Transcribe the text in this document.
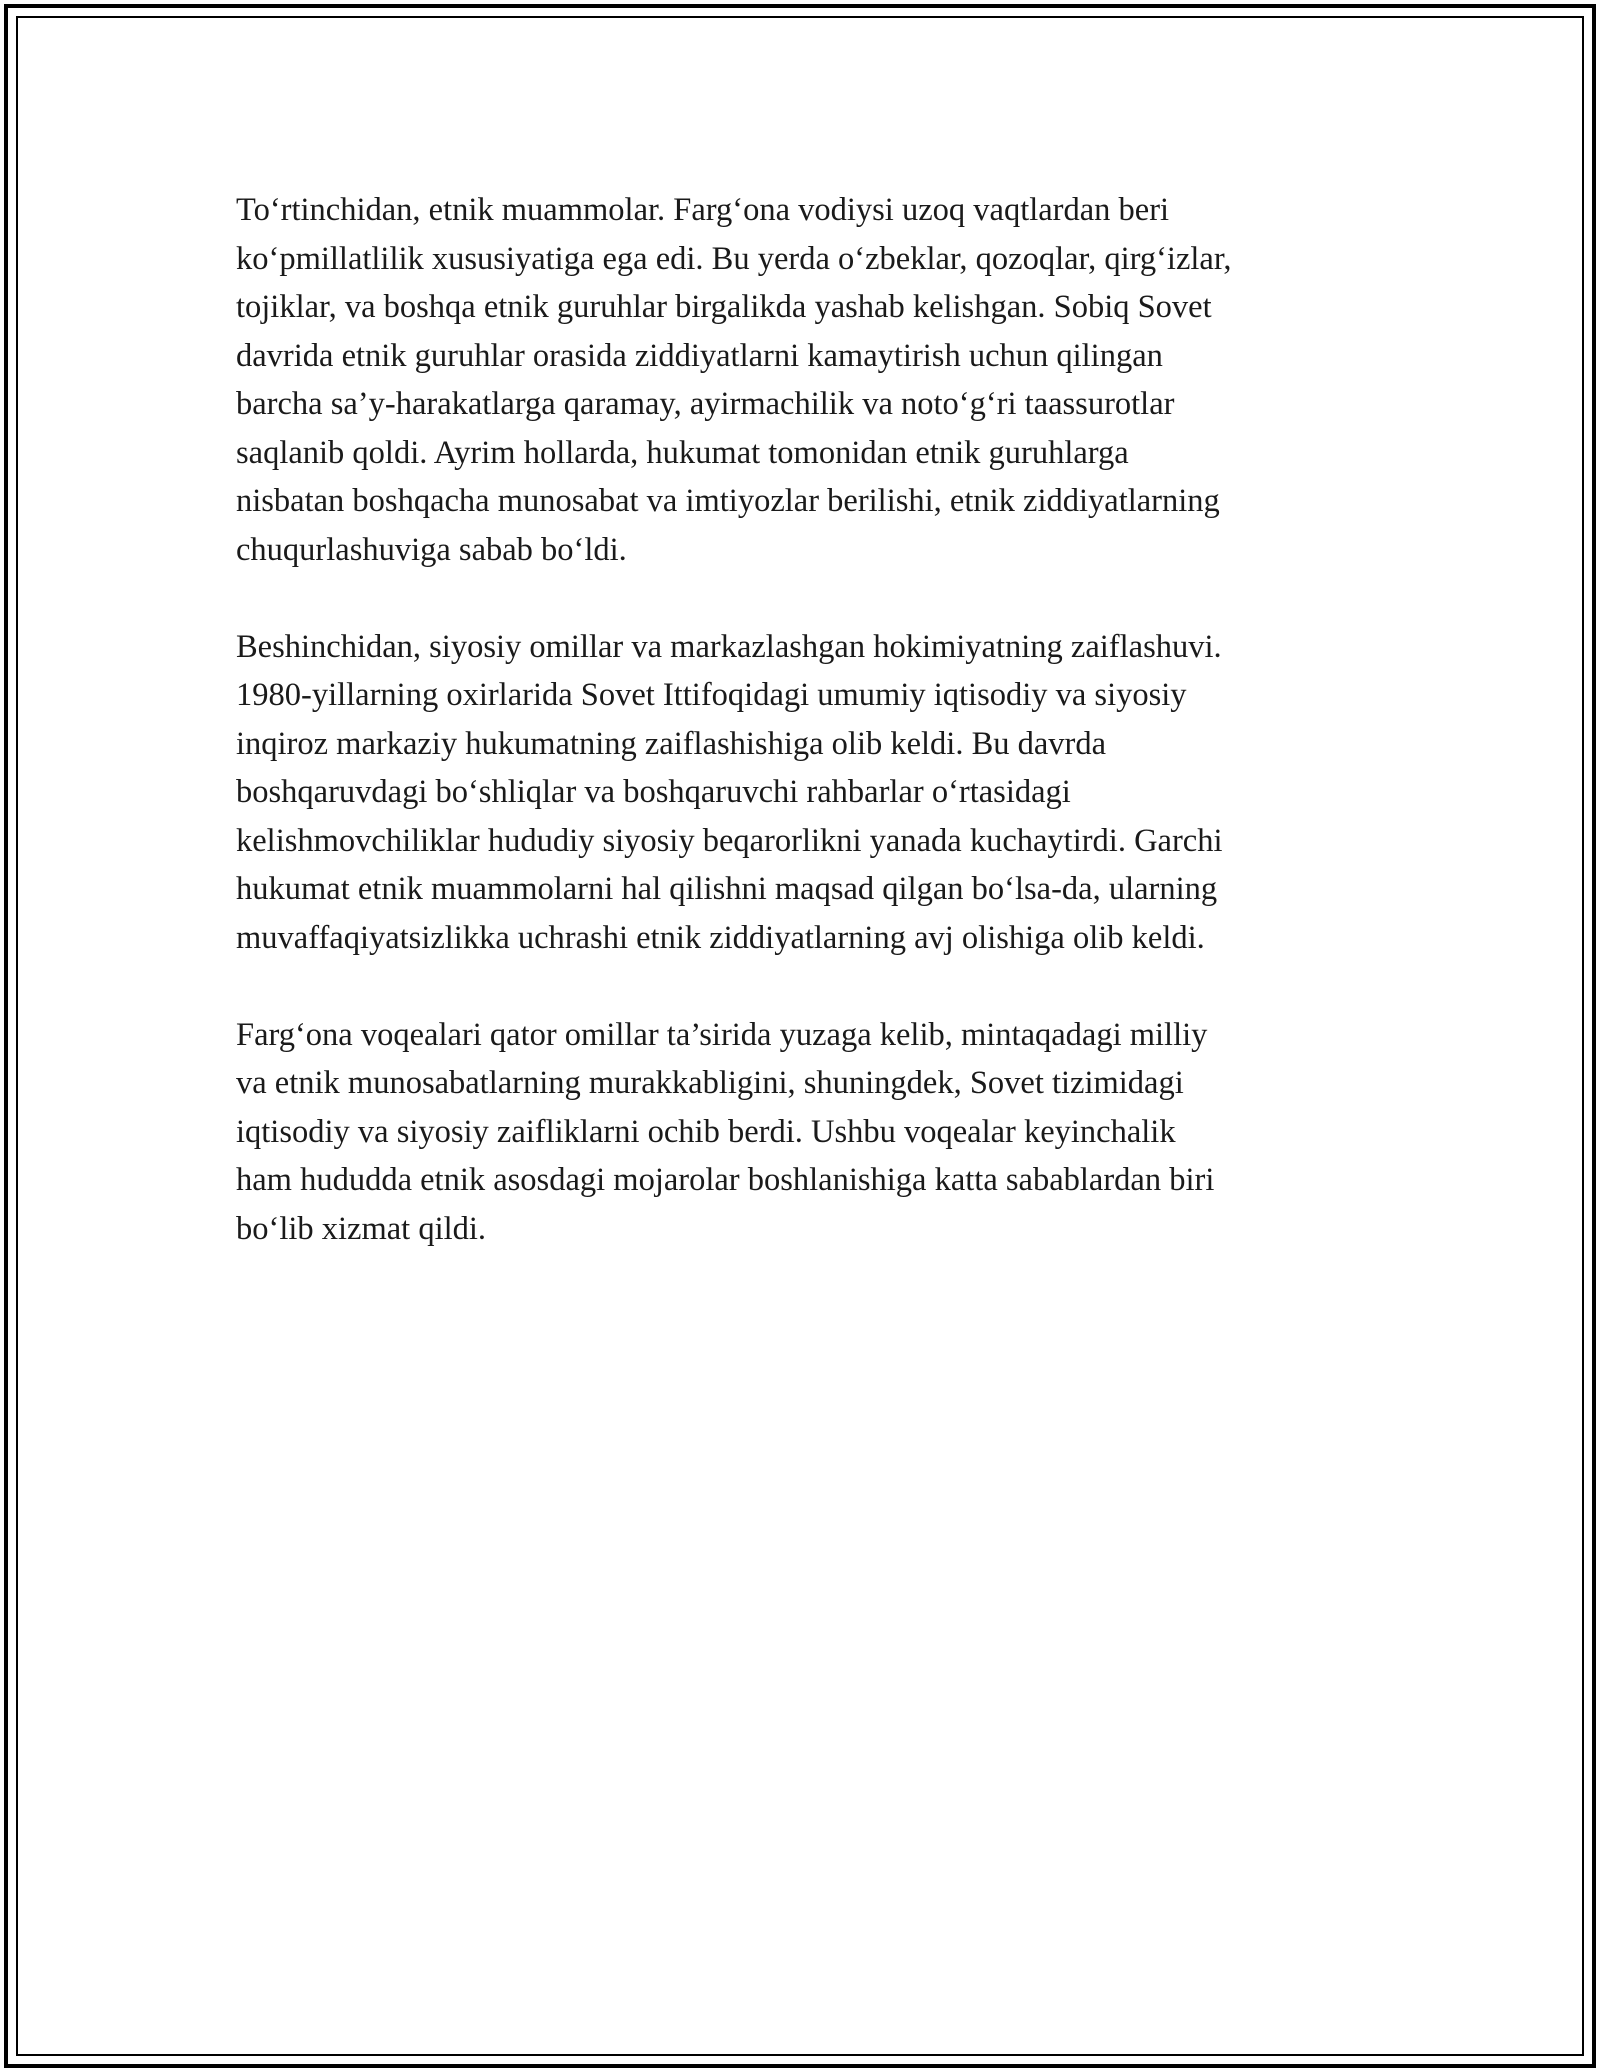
To‘rtinchidan, etnik muammolar. Farg‘ona vodiysi uzoq vaqtlardan beri
ko‘pmillatlilik xususiyatiga ega edi. Bu yerda o‘zbeklar, qozoqlar, qirg‘izlar,
tojiklar, va boshqa etnik guruhlar birgalikda yashab kelishgan. Sobiq Sovet
davrida etnik guruhlar orasida ziddiyatlarni kamaytirish uchun qilingan
barcha sa’y-harakatlarga qaramay, ayirmachilik va noto‘g‘ri taassurotlar
saqlanib qoldi. Ayrim hollarda, hukumat tomonidan etnik guruhlarga
nisbatan boshqacha munosabat va imtiyozlar berilishi, etnik ziddiyatlarning
chuqurlashuviga sabab bo‘ldi.

Beshinchidan, siyosiy omillar va markazlashgan hokimiyatning zaiflashuvi.
1980-yillarning oxirlarida Sovet Ittifoqidagi umumiy iqtisodiy va siyosiy
inqiroz markaziy hukumatning zaiflashishiga olib keldi. Bu davrda
boshqaruvdagi bo‘shliqlar va boshqaruvchi rahbarlar o‘rtasidagi
kelishmovchiliklar hududiy siyosiy beqarorlikni yanada kuchaytirdi. Garchi
hukumat etnik muammolarni hal qilishni maqsad qilgan bo‘lsa-da, ularning
muvaffaqiyatsizlikka uchrashi etnik ziddiyatlarning avj olishiga olib keldi.

Farg‘ona voqealari qator omillar ta’sirida yuzaga kelib, mintaqadagi milliy
va etnik munosabatlarning murakkabligini, shuningdek, Sovet tizimidagi
iqtisodiy va siyosiy zaifliklarni ochib berdi. Ushbu voqealar keyinchalik
ham hududda etnik asosdagi mojarolar boshlanishiga katta sabablardan biri
bo‘lib xizmat qildi.
